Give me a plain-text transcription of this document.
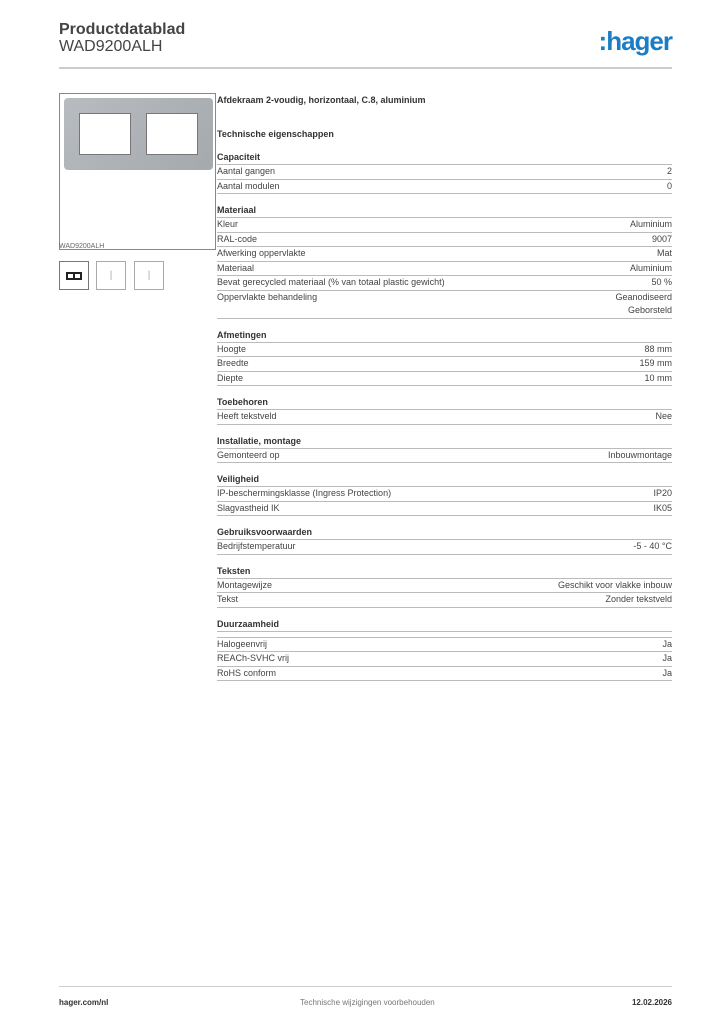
Productdatablad
WAD9200ALH	:hager
WAD9200ALH
|	|
Afdekraam 2-voudig, horizontaal, C.8, aluminium
Technische eigenschappen
Capaciteit
Aantal gangen	2
Aantal modulen	0
Materiaal
Kleur	Aluminium
RAL-code	9007
Afwerking oppervlakte	Mat
Materiaal	Aluminium
Bevat gerecycled materiaal (% van totaal plastic gewicht)	50 %
Oppervlakte behandeling	Geanodiseerd
Geborsteld
Afmetingen
Hoogte	88 mm
Breedte	159 mm
Diepte	10 mm
Toebehoren
Heeft tekstveld	Nee
Installatie, montage
Gemonteerd op	Inbouwmontage
Veiligheid
IP-beschermingsklasse (Ingress Protection)	IP20
Slagvastheid IK	IK05
Gebruiksvoorwaarden
Bedrijfstemperatuur	-5 - 40 °C
Teksten
Montagewijze	Geschikt voor vlakke inbouw
Tekst	Zonder tekstveld
Duurzaamheid
Halogeenvrij	Ja
REACh-SVHC vrij	Ja
RoHS conform	Ja
hager.com/nl	Technische wijzigingen voorbehouden	12.02.2026
